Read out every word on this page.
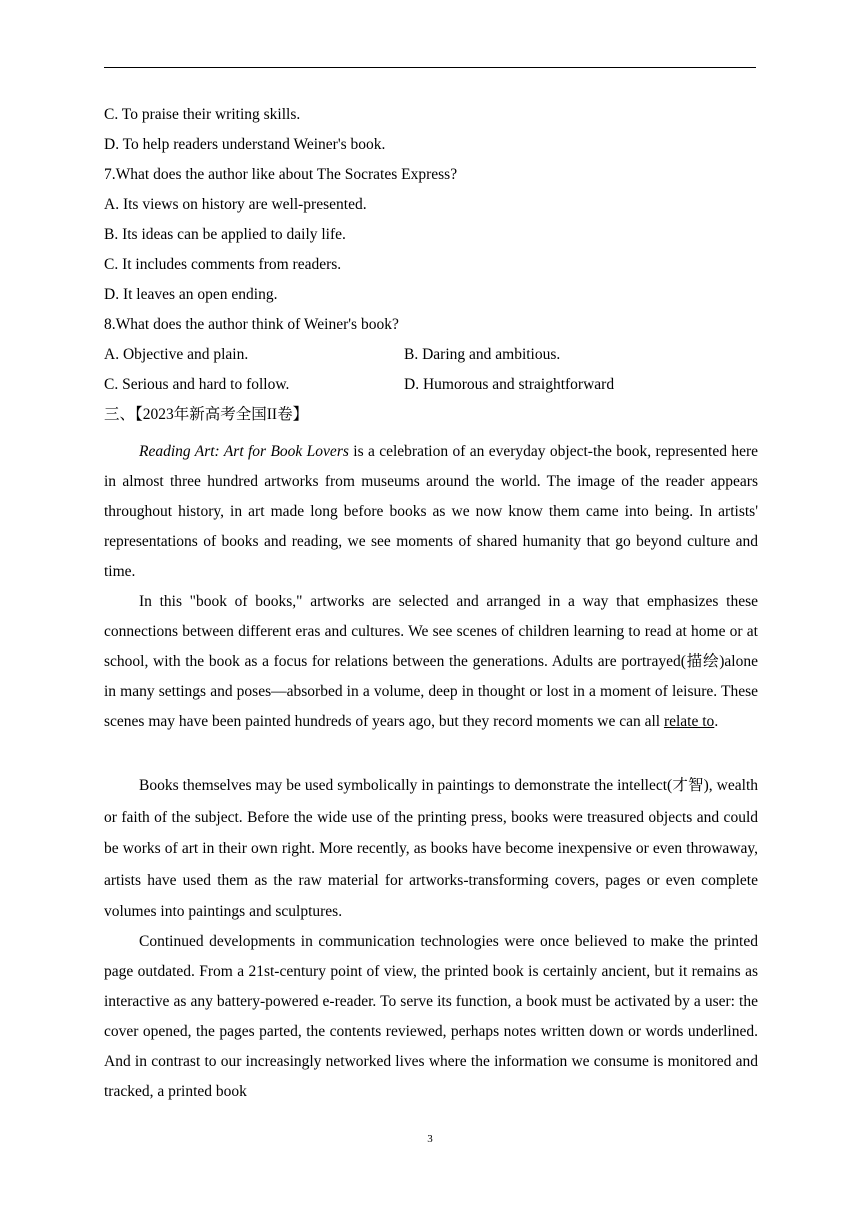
C. To praise their writing skills.
D. To help readers understand Weiner's book.
7.What does the author like about The Socrates Express?
A. Its views on history are well-presented.
B. Its ideas can be applied to daily life.
C. It includes comments from readers.
D. It leaves an open ending.
8.What does the author think of Weiner's book?
A. Objective and plain.	B. Daring and ambitious.
C. Serious and hard to follow.	D. Humorous and straightforward
三、【2023年新高考全国II卷】

Reading Art: Art for Book Lovers is a celebration of an everyday object-the book, represented here in almost three hundred artworks from museums around the world. The image of the reader appears throughout history, in art made long before books as we now know them came into being. In artists' representations of books and reading, we see moments of shared humanity that go beyond culture and time.

In this "book of books," artworks are selected and arranged in a way that emphasizes these connections between different eras and cultures. We see scenes of children learning to read at home or at school, with the book as a focus for relations between the generations. Adults are portrayed(描绘)alone in many settings and poses—absorbed in a volume, deep in thought or lost in a moment of leisure. These scenes may have been painted hundreds of years ago, but they record moments we can all relate to.

Books themselves may be used symbolically in paintings to demonstrate the intellect(才智), wealth or faith of the subject. Before the wide use of the printing press, books were treasured objects and could be works of art in their own right. More recently, as books have become inexpensive or even throwaway, artists have used them as the raw material for artworks-transforming covers, pages or even complete volumes into paintings and sculptures.

Continued developments in communication technologies were once believed to make the printed page outdated. From a 21st-century point of view, the printed book is certainly ancient, but it remains as interactive as any battery-powered e-reader. To serve its function, a book must be activated by a user: the cover opened, the pages parted, the contents reviewed, perhaps notes written down or words underlined. And in contrast to our increasingly networked lives where the information we consume is monitored and tracked, a printed book

3
